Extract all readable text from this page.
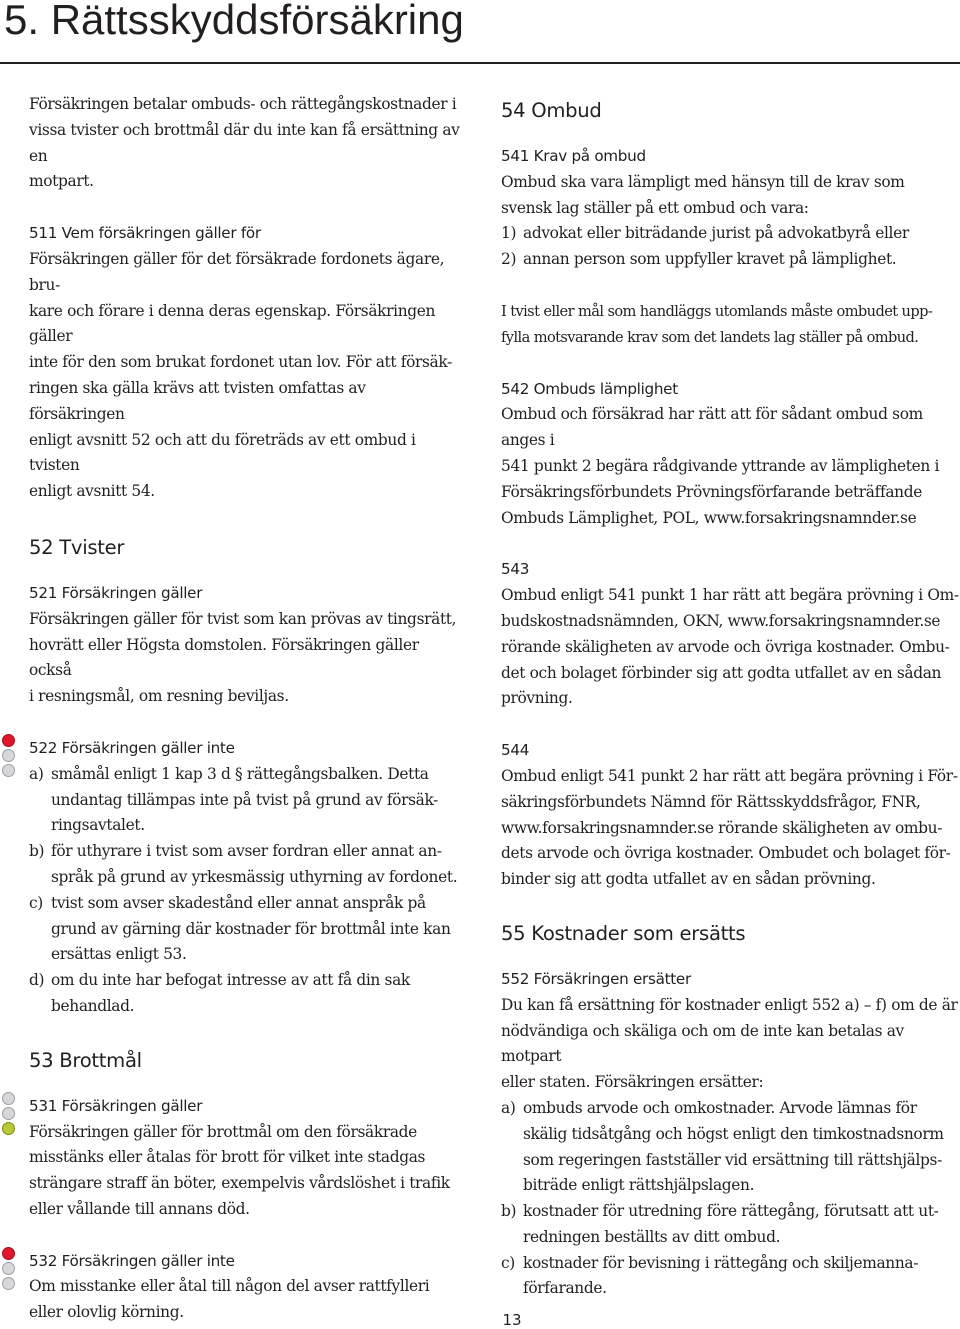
5. Rättsskyddsförsäkring

Försäkringen betalar ombuds- och rättegångskostnader i
vissa tvister och brottmål där du inte kan få ersättning av en
motpart.

511 Vem försäkringen gäller för

Försäkringen gäller för det försäkrade fordonets ägare, bru-
kare och förare i denna deras egenskap. Försäkringen gäller
inte för den som brukat fordonet utan lov. För att försäk-
ringen ska gälla krävs att tvisten omfattas av försäkringen
enligt avsnitt 52 och att du företräds av ett ombud i tvisten
enligt avsnitt 54.

52 Tvister
521 Försäkringen gäller

Försäkringen gäller för tvist som kan prövas av tingsrätt,
hovrätt eller Högsta domstolen. Försäkringen gäller också
i resningsmål, om resning beviljas.

522 Försäkringen gäller inte
a) småmål enligt 1 kap 3 d § rättegångsbalken. Detta
undantag tillämpas inte på tvist på grund av försäk-
ringsavtalet.
b) för uthyrare i tvist som avser fordran eller annat an-
språk på grund av yrkesmässig uthyrning av fordonet.
c) tvist som avser skadestånd eller annat anspråk på
grund av gärning där kostnader för brottmål inte kan
ersättas enligt 53.
d) om du inte har befogat intresse av att få din sak
behandlad.
53 Brottmål
531 Försäkringen gäller

Försäkringen gäller för brottmål om den försäkrade
misstänks eller åtalas för brott för vilket inte stadgas
strängare straff än böter, exempelvis vårdslöshet i trafik
eller vållande till annans död.

532 Försäkringen gäller inte

Om misstanke eller åtal till någon del avser rattfylleri
eller olovlig körning.

54 Ombud
541 Krav på ombud

Ombud ska vara lämpligt med hänsyn till de krav som
svensk lag ställer på ett ombud och vara:

1) advokat eller biträdande jurist på advokatbyrå eller
2) annan person som uppfyller kravet på lämplighet.

I tvist eller mål som handläggs utomlands måste ombudet upp-
fylla motsvarande krav som det landets lag ställer på ombud.

542 Ombuds lämplighet

Ombud och försäkrad har rätt att för sådant ombud som anges i
541 punkt 2 begära rådgivande yttrande av lämpligheten i
Försäkringsförbundets Prövningsförfarande beträffande
Ombuds Lämplighet, POL, www.forsakringsnamnder.se

543

Ombud enligt 541 punkt 1 har rätt att begära prövning i Om-
budskostnadsnämnden, OKN, www.forsakringsnamnder.se
rörande skäligheten av arvode och övriga kostnader. Ombu-
det och bolaget förbinder sig att godta utfallet av en sådan
prövning.

544

Ombud enligt 541 punkt 2 har rätt att begära prövning i För-
säkringsförbundets Nämnd för Rättsskyddsfrågor, FNR,
www.forsakringsnamnder.se rörande skäligheten av ombu-
dets arvode och övriga kostnader. Ombudet och bolaget för-
binder sig att godta utfallet av en sådan prövning.

55 Kostnader som ersätts
552 Försäkringen ersätter

Du kan få ersättning för kostnader enligt 552 a) – f) om de är
nödvändiga och skäliga och om de inte kan betalas av motpart
eller staten. Försäkringen ersätter:

a) ombuds arvode och omkostnader. Arvode lämnas för
skälig tidsåtgång och högst enligt den timkostnadsnorm
som regeringen fastställer vid ersättning till rättshjälps-
biträde enligt rättshjälpslagen.
b) kostnader för utredning före rättegång, förutsatt att ut-
redningen beställts av ditt ombud.
c) kostnader för bevisning i rättegång och skiljemanna-
förfarande.
13
